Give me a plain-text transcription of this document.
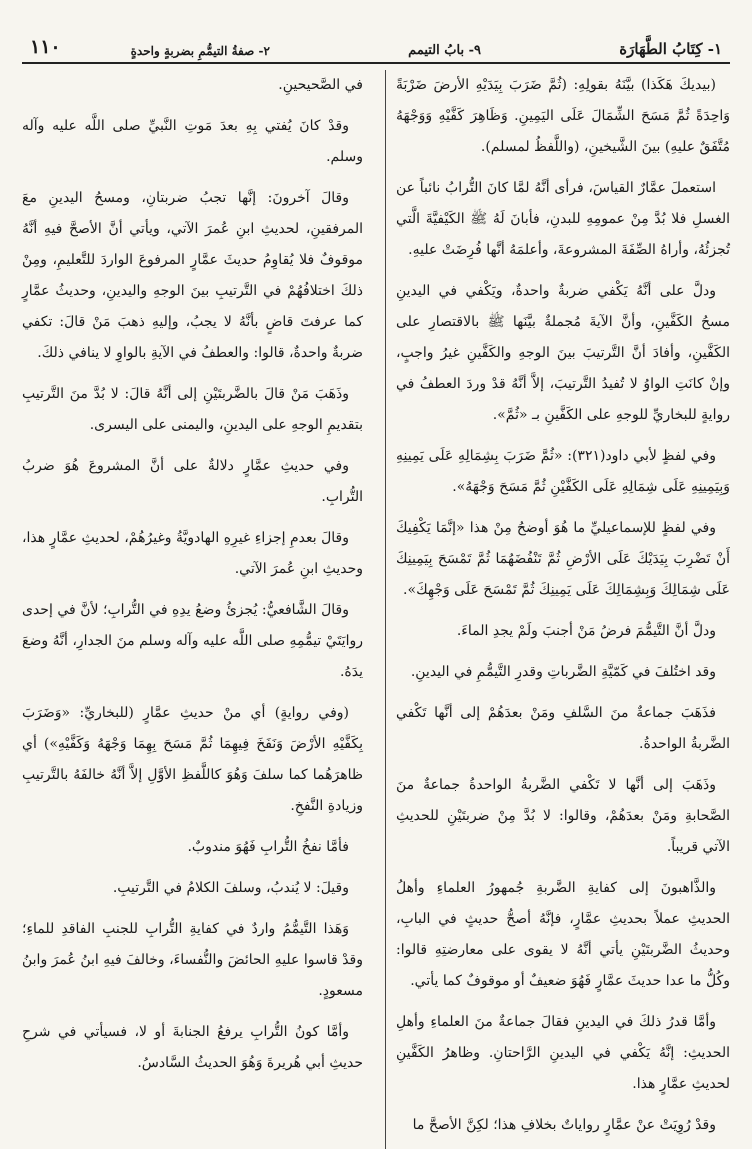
١- كِتَابُ الطَّهَارَة
٩- بابُ التيمم
٢- صفةُ التيمُّمِ بضربةٍ واحدةٍ
١١٠

(بيديكَ هَكَذا) بيَّنَهُ بقولِهِ: (ثُمَّ ضَرَبَ بِيَدَيْهِ الأرضَ ضَرْبَةً وَاحِدَةً ثُمَّ مَسَحَ الشِّمَالَ عَلَى اليَمِينِ. وَظَاهِرَ كَفَّيْهِ وَوَجْهَهُ مُتَّفَقٌ عليهِ) بينَ الشَّيخينِ، (واللَّفظُ لمسلم).

استعملَ عمَّارٌ القياسَ، فرأى أنَّهُ لمَّا كانَ التُّرابُ نائباً عن الغسلِ فلا بُدَّ مِنْ عمومِهِ للبدنِ، فأبانَ لَهُ ﷺ الكَيْفيَّةَ الَّتي تُجزئُهُ، وأراهُ الصِّفَةَ المشروعةَ، وأعلمَهُ أنَّها فُرِضَتْ عليهِ.

ودلَّ على أنَّهُ يَكْفي ضربةٌ واحدةٌ، ويَكْفي في اليدينِ مسحُ الكَفَّينِ، وأنَّ الآيةَ مُجملةٌ بيَّنَها ﷺ بالاقتصارِ على الكَفَّينِ، وأفادَ أنَّ التَّرتيبَ بينَ الوجهِ والكَفَّينِ غيرُ واجبٍ، وإنْ كانَتِ الواوُ لا تُفيدُ التَّرتيبَ، إلاَّ أنَّهُ قدْ وردَ العطفُ في روايةٍ للبخاريِّ للوجهِ على الكَفَّينِ بـ «ثُمَّ».

وفي لفظٍ لأبي داود(٣٢١): «ثُمَّ ضَرَبَ بِشِمَالِهِ عَلَى يَمِينِهِ وَبِيَمِينِهِ عَلَى شِمَالِهِ عَلَى الكَفَّيْنِ ثُمَّ مَسَحَ وَجْهَهُ».

وفي لفظٍ للإسماعيليِّ ما هُوَ أوضحُ مِنْ هذا «إنَّمَا يَكْفِيكَ أَنْ تَضْرِبَ بِيَدَيْكَ عَلَى الأرْضِ ثُمَّ تَنْفُضَهُمَا ثُمَّ تَمْسَحَ بِيَمِينِكَ عَلَى شِمَالِكَ وَبِشِمَالِكَ عَلَى يَمِينِكَ ثُمَّ تَمْسَحَ عَلَى وَجْهِكَ».

ودلَّ أنَّ التَّيمُّمَ فرضُ مَنْ أجنبَ ولَمْ يجدِ الماءَ.

وقد اختُلفَ في كَمّيَّةِ الضَّرباتِ وقدرِ التَّيمُّمِ في اليدينِ.

فذَهَبَ جماعةٌ منَ السَّلفِ ومَنْ بعدَهُمْ إلى أنَّها تَكْفي الضَّربةُ الواحدةُ.

وذَهَبَ إلى أنَّها لا تَكْفي الضَّربةُ الواحدةُ جماعةٌ منَ الصَّحابةِ ومَنْ بعدَهُمْ، وقالوا: لا بُدَّ مِنْ ضربتَيْنِ للحديثِ الآتي قريباً.

والذَّاهبونَ إلى كفايةِ الضَّربةِ جُمهورُ العلماءِ وأهلُ الحديثِ عملاً بحديثِ عمَّارٍ، فإنَّهُ أصحُّ حديثٍ في البابِ، وحديثُ الضَّربتَيْنِ يأتي أنَّهُ لا يقوى على معارضتِهِ قالوا: وكُلُّ ما عدا حديثَ عمَّارٍ فَهُوَ ضعيفٌ أو موقوفٌ كما يأتي.

وأمَّا قدرُ ذلكَ في اليدينِ فقالَ جماعةٌ منَ العلماءِ وأهلِ الحديثِ: إنَّهُ يَكْفي في اليدينِ الرَّاحتانِ. وظاهرُ الكَفَّينِ لحديثِ عمَّارٍ هذا.

وقدْ رُوِيَتْ عنْ عمَّارٍ رواياتٌ بخلافِ هذا؛ لكِنَّ الأصحَّ ما

في الصَّحيحينِ.

وقدْ كانَ يُفتي بِهِ بعدَ مَوتِ النَّبيِّ صلى اللَّه عليه وآله وسلم.

وقالَ آخرونَ: إنَّها تجبُ ضربتانِ، ومسحُ اليدينِ معَ المرفقينِ، لحديثِ ابنِ عُمرَ الآتي، ويأتي أنَّ الأصحَّ فيهِ أنَّهُ موقوفٌ فلا يُقاوِمُ حديثَ عمَّارٍ المرفوعَ الواردَ للتَّعليمِ، ومِنْ ذلكَ اختلافُهُمْ في التَّرتيبِ بينَ الوجهِ واليدينِ، وحديثُ عمَّارٍ كما عرفتَ قاضٍ بأنَّهُ لا يجبُ، وإليهِ ذهبَ مَنْ قالَ: تكفي ضربةٌ واحدةٌ، قالوا: والعطفُ في الآيةِ بالواوِ لا ينافي ذلكَ.

وذَهَبَ مَنْ قالَ بالضَّربتَيْنِ إلى أنَّهُ قالَ: لا بُدَّ منَ التَّرتيبِ بتقديمِ الوجهِ على اليدينِ، واليمنى على اليسرى.

وفي حديثِ عمَّارٍ دلالةٌ على أنَّ المشروعَ هُوَ ضربُ التُّرابِ.

وقالَ بعدمِ إجزاءِ غيرِهِ الهادويَّةُ وغيرُهُمْ، لحديثِ عمَّارٍ هذا، وحديثِ ابنِ عُمرَ الآتي.

وقالَ الشَّافعيُّ: يُجزئُ وضعُ يدِهِ في التُّرابِ؛ لأنَّ في إحدى روايَتَيْ تيمُّمِهِ صلى اللَّه عليه وآله وسلم منَ الجدارِ، أنَّهُ وضعَ يدَهُ.

(وفي روايةٍ) أي منْ حديثِ عمَّارٍ (للبخاريِّ: «وَضَرَبَ بِكَفَّيْهِ الأرْضَ وَنَفَخَ فِيهِمَا ثُمَّ مَسَحَ بِهِمَا وَجْهَهُ وَكَفَّيْهِ») أي ظاهرَهُما كما سلفَ وَهُوَ كاللَّفظِ الأوَّلِ إلاَّ أنَّهُ خالفَهُ بالتَّرتيبِ وزيادةِ النَّفخِ.

فأمَّا نفخُ التُّرابِ فَهُوَ مندوبٌ.

وقيلَ: لا يُندبُ، وسلفَ الكلامُ في التَّرتيبِ.

وَهَذا التَّيمُّمُ واردٌ في كفايةِ التُّرابِ للجنبِ الفاقدِ للماءِ؛ وقدْ قاسوا عليهِ الحائضَ والنُّفساءَ، وخالفَ فيهِ ابنُ عُمرَ وابنُ مسعودٍ.

وأمَّا كونُ التُّرابِ يرفعُ الجنابةَ أو لا، فسيأتي في شرحِ حديثِ أبي هُريرةَ وَهُوَ الحديثُ السَّادسُ.
